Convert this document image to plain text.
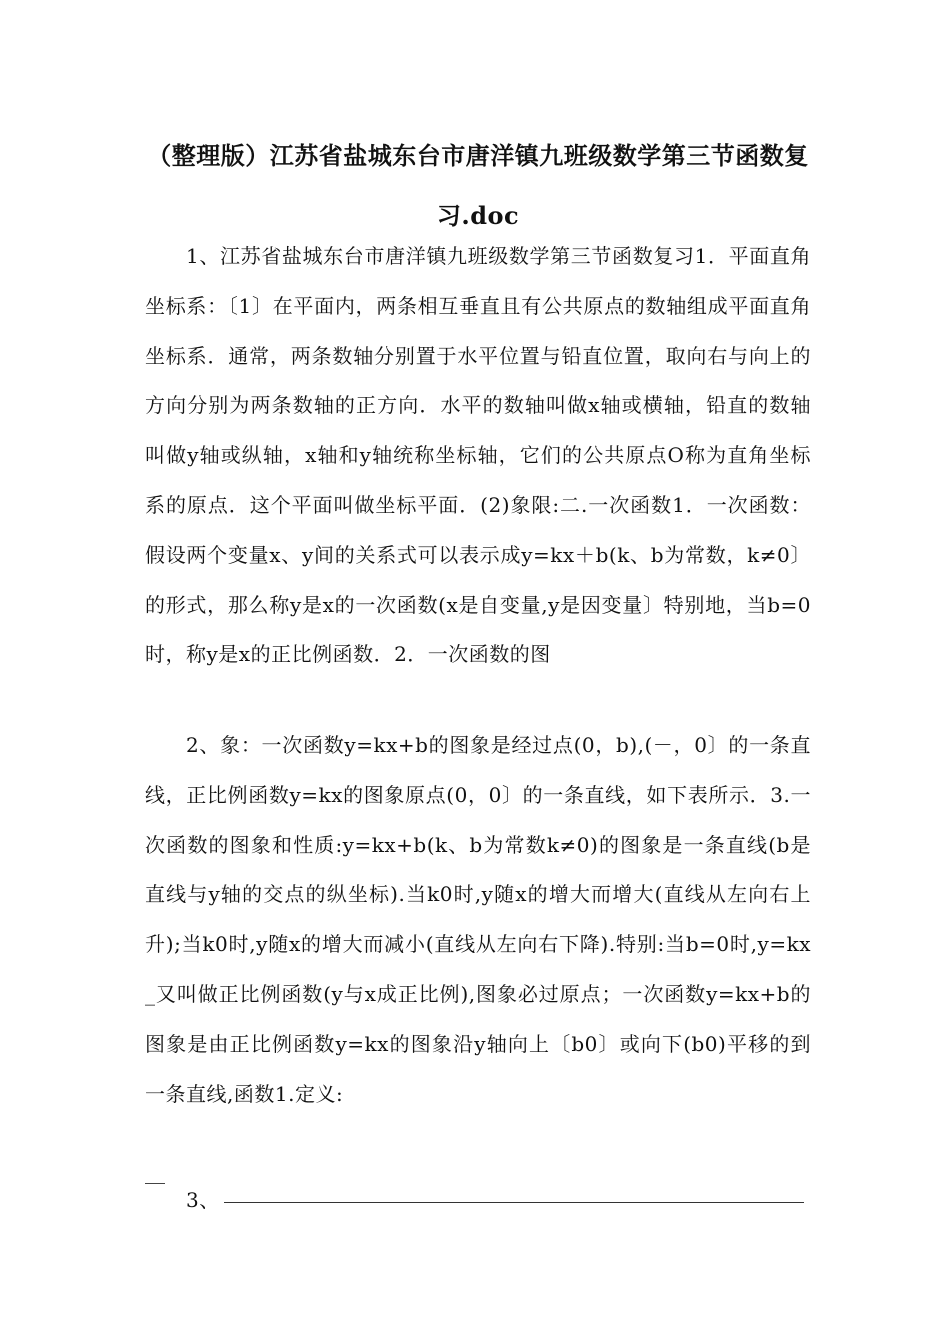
（整理版）江苏省盐城东台市唐洋镇九班级数学第三节函数复习.doc

1、江苏省盐城东台市唐洋镇九班级数学第三节函数复习1．平面直角坐标系：〔1〕在平面内，两条相互垂直且有公共原点的数轴组成平面直角坐标系．通常，两条数轴分别置于水平位置与铅直位置，取向右与向上的方向分别为两条数轴的正方向．水平的数轴叫做x轴或横轴，铅直的数轴叫做y轴或纵轴，x轴和y轴统称坐标轴，它们的公共原点O称为直角坐标系的原点．这个平面叫做坐标平面．(2)象限:二.一次函数1．一次函数：假设两个变量x、y间的关系式可以表示成y=kx＋b(k、b为常数，k≠0〕的形式，那么称y是x的一次函数(x是自变量,y是因变量〕特别地，当b=0时，称y是x的正比例函数．2．一次函数的图

2、象：一次函数y=kx+b的图象是经过点(0，b),(－，0〕的一条直线，正比例函数y=kx的图象原点(0，0〕的一条直线，如下表所示．3.一次函数的图象和性质:y=kx+b(k、b为常数k≠0)的图象是一条直线(b是直线与y轴的交点的纵坐标).当k0时,y随x的增大而增大(直线从左向右上升);当k0时,y随x的增大而减小(直线从左向右下降).特别:当b=0时,y=kx_又叫做正比例函数(y与x成正比例),图象必过原点；一次函数y=kx+b的图象是由正比例函数y=kx的图象沿y轴向上〔b0〕或向下(b0)平移的到一条直线,函数1.定义:

3、
